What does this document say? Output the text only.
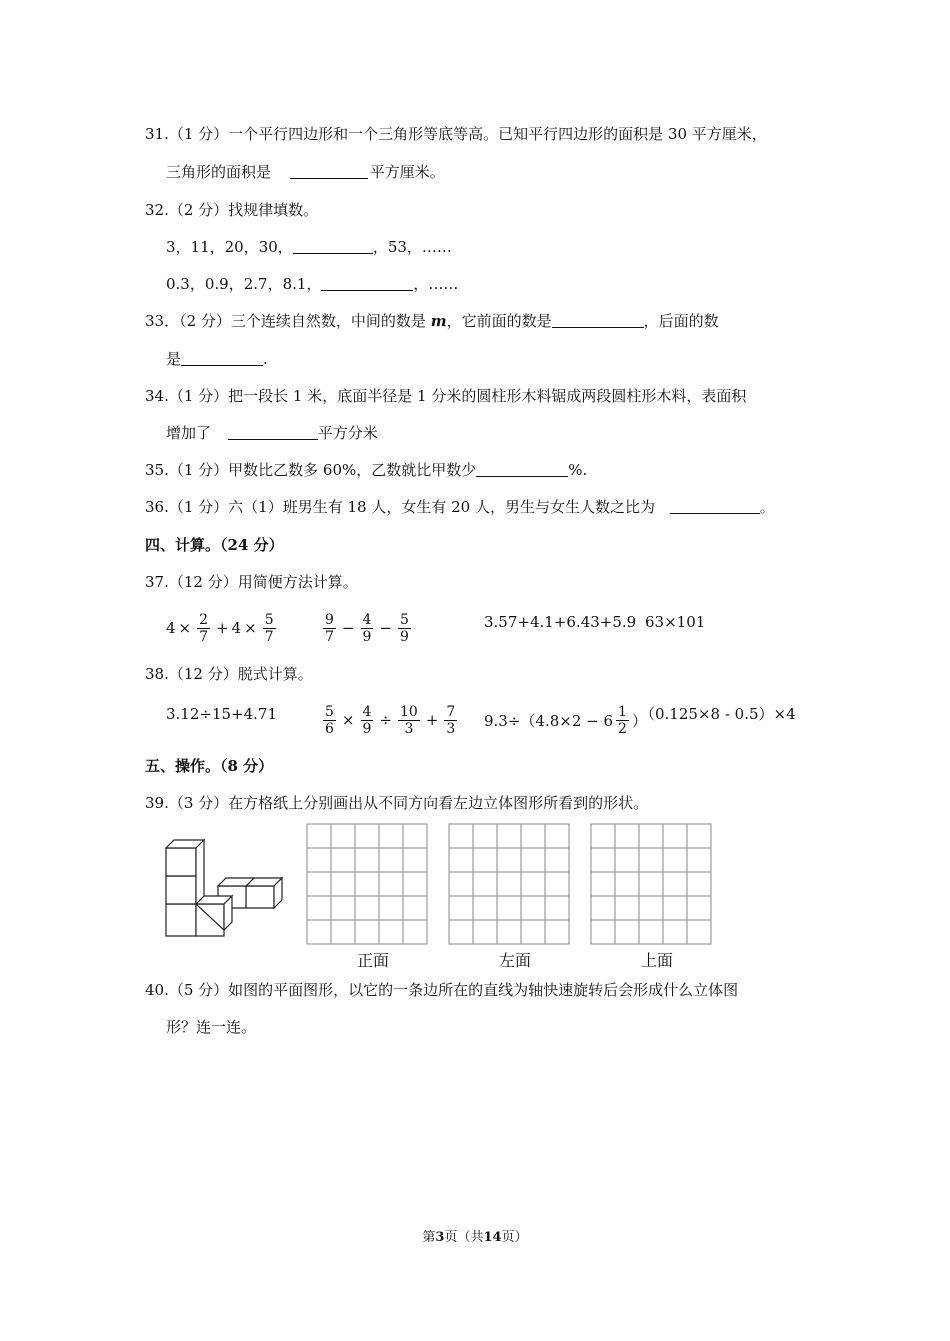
31.（1 分）一个平行四边形和一个三角形等底等高。已知平行四边形的面积是 30 平方厘米，
三角形的面积是	平方厘米。
32.（2 分）找规律填数。
3，11，20，30，	，53，……
0.3，0.9，2.7，8.1，	，……
33．（2 分）三个连续自然数，中间的数是 m，它前面的数是	，后面的数
是	.
34.（1 分）把一段长 1 米，底面半径是 1 分米的圆柱形木料锯成两段圆柱形木料，表面积
增加了	平方分米
35.（1 分）甲数比乙数多 60%，乙数就比甲数少	%.
36.（1 分）六（1）班男生有 18 人，女生有 20 人，男生与女生人数之比为	。
四、计算。（24 分）
37.（12 分）用简便方法计算。
$4 \times \frac{2}{7} + 4 \times \frac{5}{7}$	$\frac{9}{7} - \frac{4}{9} - \frac{5}{9}$	3.57+4.1+6.43+5.9 63×101
38.（12 分）脱式计算。
3.12÷15+4.71	$\frac{5}{6} \times \frac{4}{9} \div \frac{10}{3} + \frac{7}{3} 9.3\div(4.8\times 2 - 6 \frac{1}{2}$ ）
（0.125×8 ‑ 0.5）×4
五、操作。（8 分）
39.（3 分）在方格纸上分别画出从不同方向看左边立体图形所看到的形状。
正面	左面	上面
40.（5 分）如图的平面图形，以它的一条边所在的直线为轴快速旋转后会形成什么立体图
形？连一连。
第3页（共14页）
